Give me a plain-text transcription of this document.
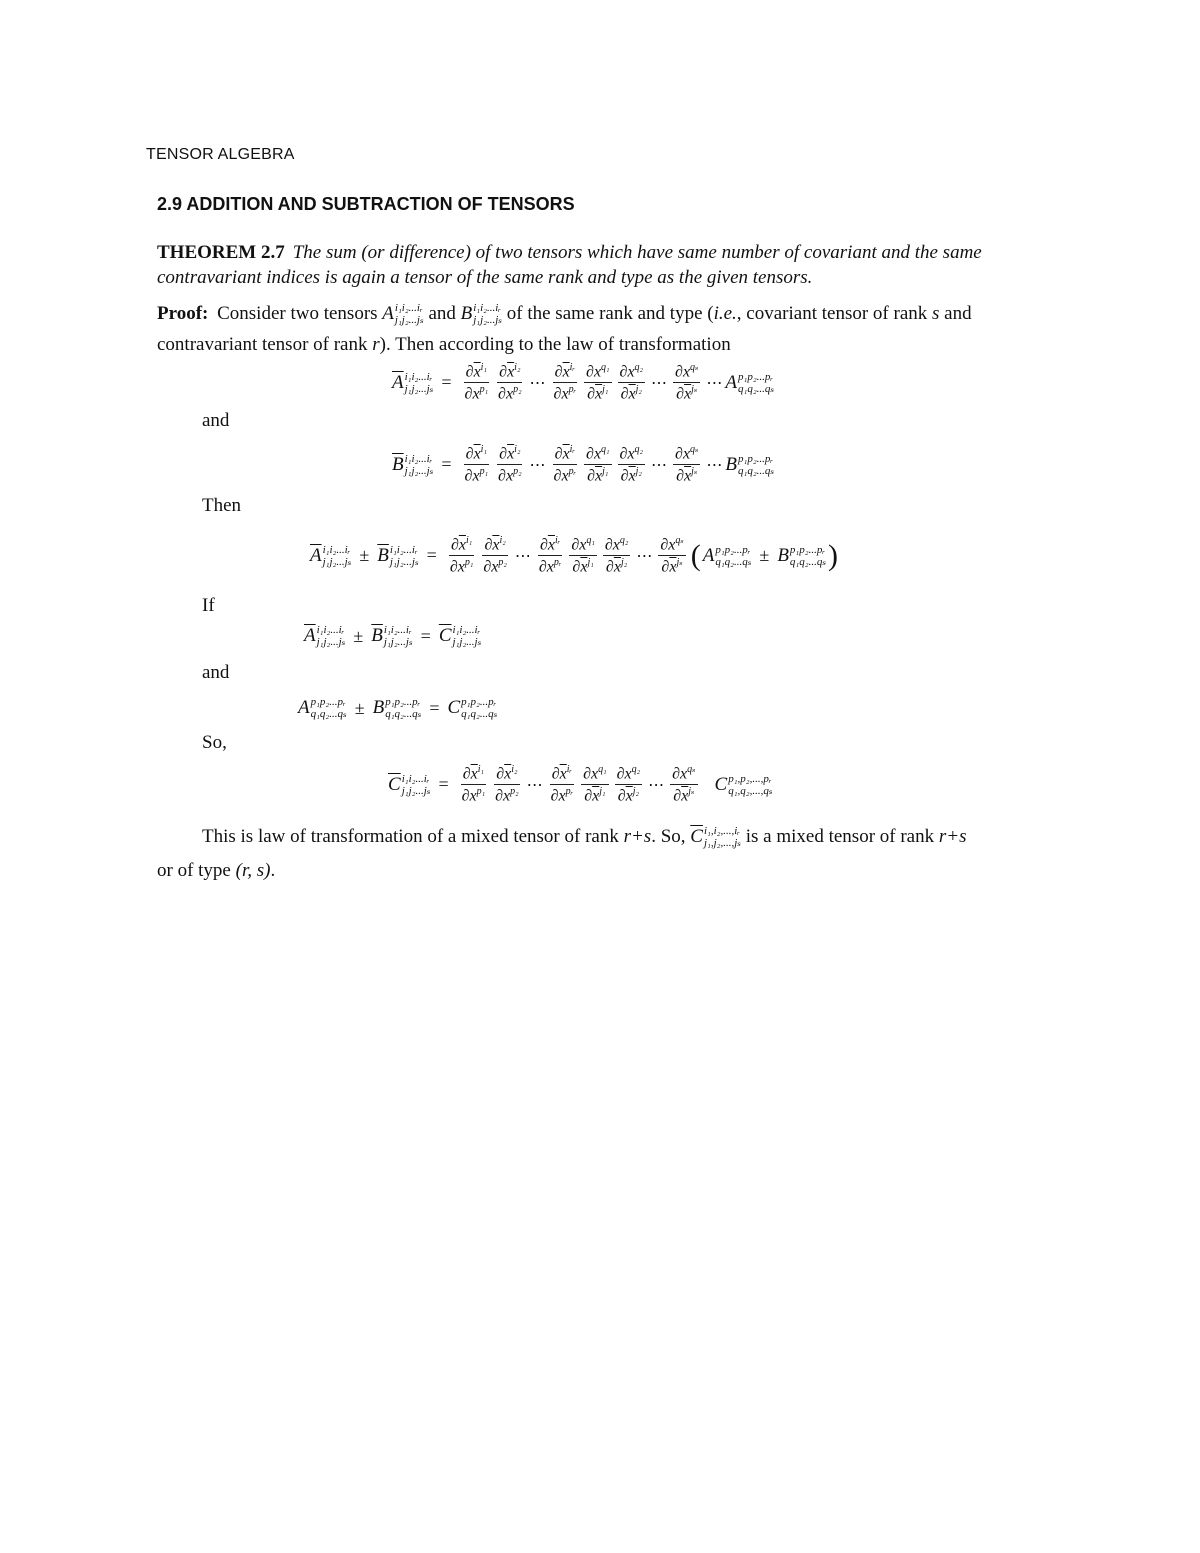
TENSOR ALGEBRA
2.9 ADDITION AND SUBTRACTION OF TENSORS
THEOREM 2.7 The sum (or difference) of two tensors which have same number of covariant and the same contravariant indices is again a tensor of the same rank and type as the given tensors.
Proof: Consider two tensors A i₁i₂...iᵣ
j₁j₂...jₛ and B i₁i₂...iᵣ
j₁j₂...jₛ of the same rank and type (i.e., covariant tensor of rank s and contravariant tensor of rank r). Then according to the law of transformation
$\overline{A}$ i₁i₂...iᵣ
$j_1j_2...j_s = \frac{\partial\overline{x}^{i_1}}{\partial x^{p_1}} \frac{\partial\overline{x}^{i_2}}{\partial x^{p_2}}$ ⋯ $\frac{\partial\overline{x}^{iᵣ}}{\partial x^{pᵣ}} \frac{\partial x^{q_1}}{\partial\overline{x}^{j_1}} \frac{\partial x^{q_2}}{\partial\overline{x}^{j_2}}$ ⋯ $\frac{\partial x^{q_s}}{\partial\overline{x}^{j_s}}$ ⋯ A p₁p₂...pᵣ
q₁q₂...qₛ
and
$\overline{B}$ i₁i₂...iᵣ
$j_1j_2...j_s = \frac{\partial\overline{x}^{i_1}}{\partial x^{p_1}} \frac{\partial\overline{x}^{i_2}}{\partial x^{p_2}}$ ⋯ $\frac{\partial\overline{x}^{iᵣ}}{\partial x^{pᵣ}} \frac{\partial x^{q_1}}{\partial\overline{x}^{j_1}} \frac{\partial x^{q_2}}{\partial\overline{x}^{j_2}}$ ⋯ $\frac{\partial x^{q_s}}{\partial\overline{x}^{j_s}}$ ⋯ B p₁p₂...pᵣ
q₁q₂...qₛ
Then
$\overline{A}$ i₁i₂...iᵣ
$j_1j_2...j_s \pm \overline{B}$ i₁i₂...iᵣ
$j_1j_2...j_s = \frac{\partial\overline{x}^{i_1}}{\partial x^{p_1}} \frac{\partial\overline{x}^{i_2}}{\partial x^{p_2}}$ ⋯ $\frac{\partial\overline{x}^{iᵣ}}{\partial x^{pᵣ}} \frac{\partial x^{q_1}}{\partial\overline{x}^{j_1}} \frac{\partial x^{q_2}}{\partial\overline{x}^{j_2}}$ ⋯ $\frac{\partial x^{q_s}}{\partial\overline{x}^{j_s}}$ ( A p₁p₂...pᵣ
q₁q₂...qₛ ± B p₁p₂...pᵣ
q₁q₂...qₛ )
If
$\overline{A}$ i₁i₂...iᵣ
$j_1j_2...j_s \pm \overline{B}$ i₁i₂...iᵣ
$j_1j_2...j_s = \overline{C}$ i₁i₂...iᵣ
j₁j₂...jₛ
and
A p₁p₂...pᵣ
q₁q₂...qₛ ± B p₁p₂...pᵣ
q₁q₂...qₛ = C p₁p₂...pᵣ
q₁q₂...qₛ
So,
$\overline{C}$ i₁i₂...iᵣ
$j_1j_2...j_s = \frac{\partial\overline{x}^{i_1}}{\partial x^{p_1}} \frac{\partial\overline{x}^{i_2}}{\partial x^{p_2}}$ ⋯ $\frac{\partial\overline{x}^{iᵣ}}{\partial x^{pᵣ}} \frac{\partial x^{q_1}}{\partial\overline{x}^{j_1}} \frac{\partial x^{q_2}}{\partial\overline{x}^{j_2}}$ ⋯ $\frac{\partial x^{q_s}}{\partial\overline{x}^{j_s}}$ C p₁,p₂,...,pᵣ
q₁,q₂,...,qₛ
This is law of transformation of a mixed tensor of rank r+s. So, $\overline{C}$ i₁,i₂,...,iᵣ
j₁,j₂,...,jₛ is a mixed tensor of rank r+s or of type (r, s).
